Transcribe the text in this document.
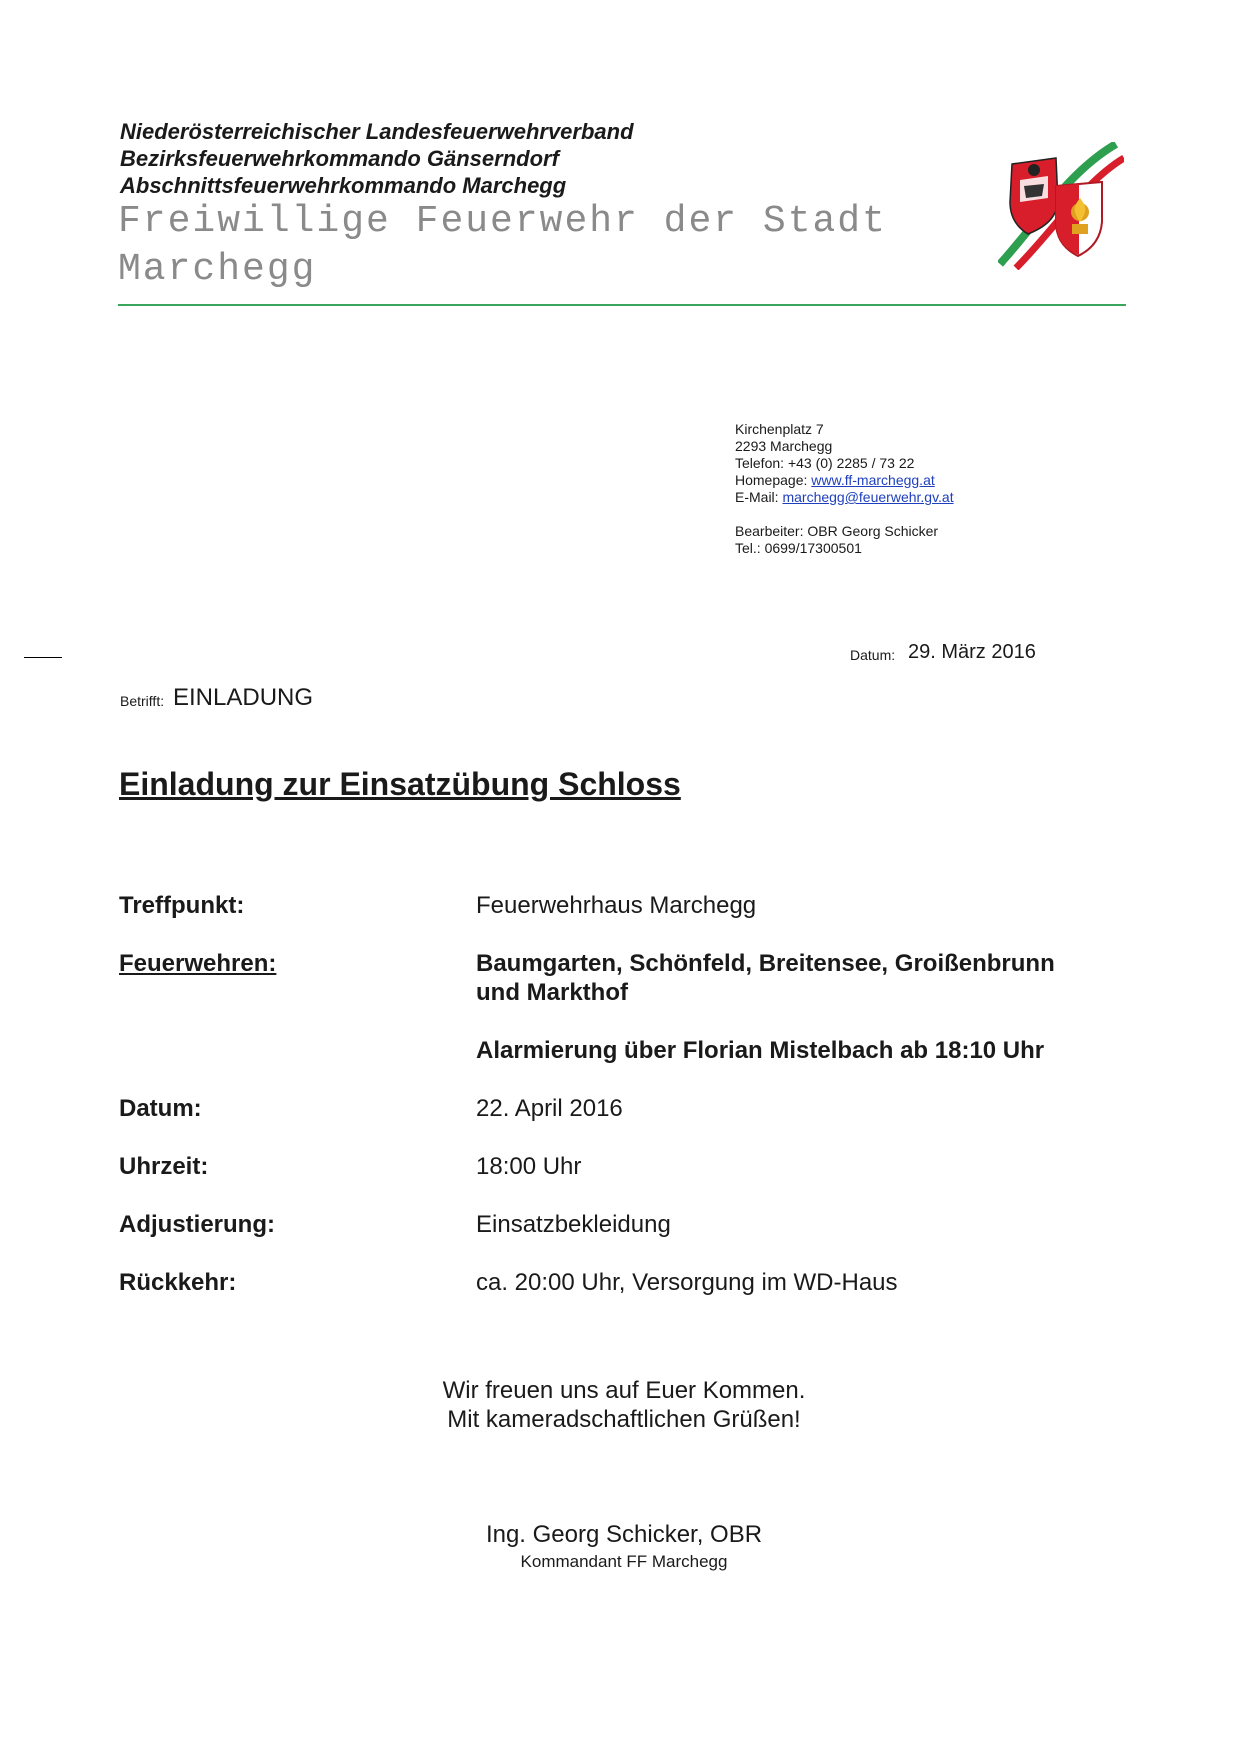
Niederösterreichischer Landesfeuerwehrverband
Bezirksfeuerwehrkommando Gänserndorf
Abschnittsfeuerwehrkommando Marchegg
Freiwillige Feuerwehr der Stadt Marchegg
Kirchenplatz 7
2293 Marchegg
Telefon: +43 (0) 2285 / 73 22
Homepage: www.ff-marchegg.at
E-Mail: marchegg@feuerwehr.gv.at
Bearbeiter: OBR Georg Schicker
Tel.: 0699/17300501
Datum: 29. März 2016
Betrifft: EINLADUNG
Einladung zur Einsatzübung Schloss
Treffpunkt:	Feuerwehrhaus Marchegg
Feuerwehren:	Baumgarten, Schönfeld, Breitensee, Groißenbrunn
und Markthof
Alarmierung über Florian Mistelbach ab 18:10 Uhr
Datum:	22. April 2016
Uhrzeit:	18:00 Uhr
Adjustierung:	Einsatzbekleidung
Rückkehr:	ca. 20:00 Uhr, Versorgung im WD-Haus
Wir freuen uns auf Euer Kommen.
Mit kameradschaftlichen Grüßen!
Ing. Georg Schicker, OBR
Kommandant FF Marchegg
